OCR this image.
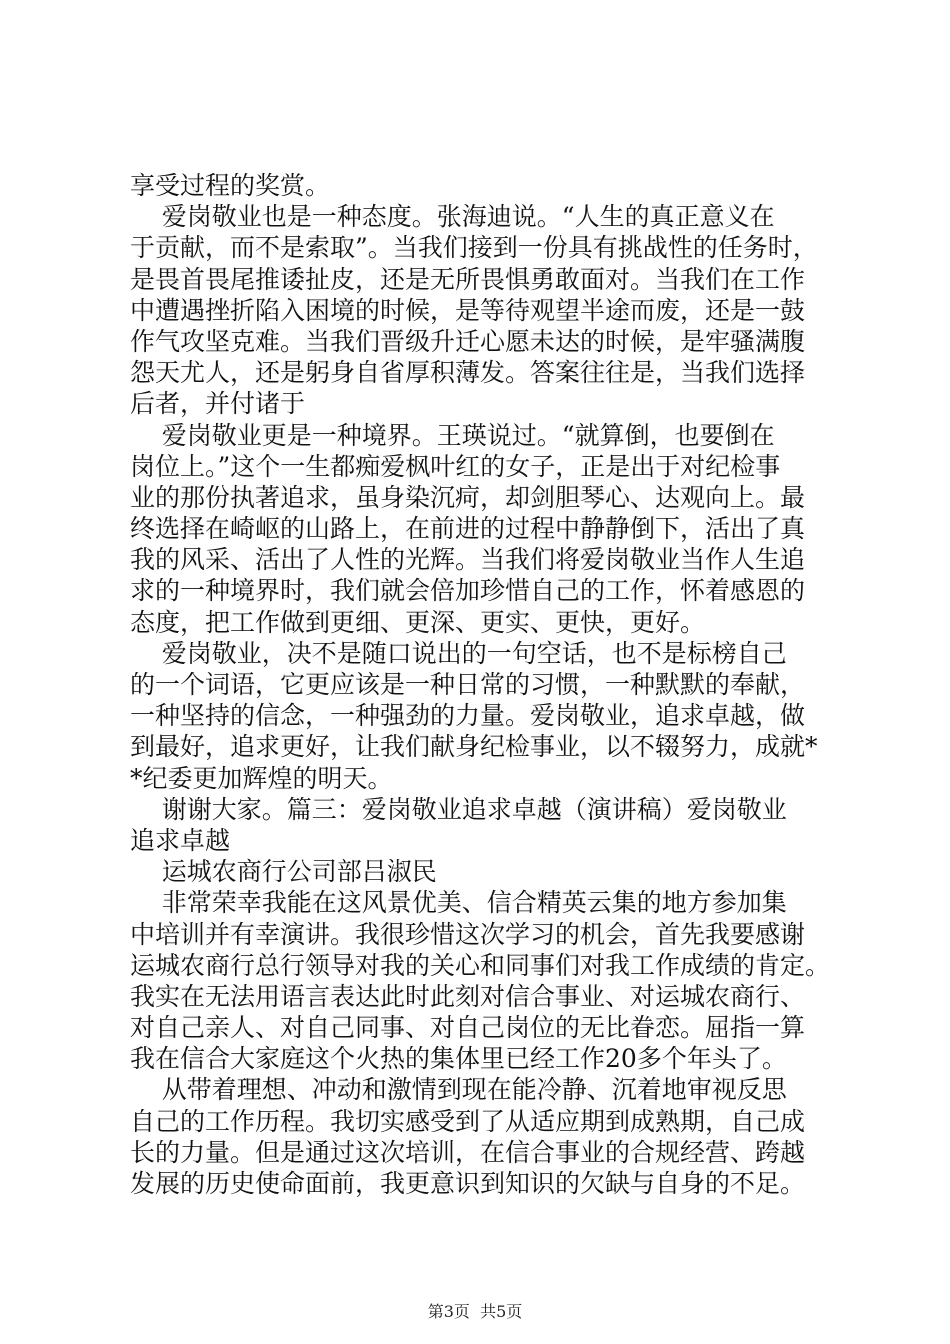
享受过程的奖赏。
爱岗敬业也是一种态度。张海迪说。“人生的真正意义在
于贡献，而不是索取”。当我们接到一份具有挑战性的任务时，
是畏首畏尾推诿扯皮，还是无所畏惧勇敢面对。当我们在工作
中遭遇挫折陷入困境的时候，是等待观望半途而废，还是一鼓
作气攻坚克难。当我们晋级升迁心愿未达的时候，是牢骚满腹
怨天尤人，还是躬身自省厚积薄发。答案往往是，当我们选择
后者，并付诸于
爱岗敬业更是一种境界。王瑛说过。“就算倒，也要倒在
岗位上。”这个一生都痴爱枫叶红的女子，正是出于对纪检事
业的那份执著追求，虽身染沉疴，却剑胆琴心、达观向上。最
终选择在崎岖的山路上，在前进的过程中静静倒下，活出了真
我的风采、活出了人性的光辉。当我们将爱岗敬业当作人生追
求的一种境界时，我们就会倍加珍惜自己的工作，怀着感恩的
态度，把工作做到更细、更深、更实、更快，更好。
爱岗敬业，决不是随口说出的一句空话，也不是标榜自己
的一个词语，它更应该是一种日常的习惯，一种默默的奉献，
一种坚持的信念，一种强劲的力量。爱岗敬业，追求卓越，做
到最好，追求更好，让我们献身纪检事业，以不辍努力，成就*
*纪委更加辉煌的明天。
谢谢大家。篇三：爱岗敬业追求卓越（演讲稿）爱岗敬业
追求卓越
运城农商行公司部吕淑民
非常荣幸我能在这风景优美、信合精英云集的地方参加集
中培训并有幸演讲。我很珍惜这次学习的机会，首先我要感谢
运城农商行总行领导对我的关心和同事们对我工作成绩的肯定。
我实在无法用语言表达此时此刻对信合事业、对运城农商行、
对自己亲人、对自己同事、对自己岗位的无比眷恋。屈指一算
我在信合大家庭这个火热的集体里已经工作20多个年头了。
从带着理想、冲动和激情到现在能冷静、沉着地审视反思
自己的工作历程。我切实感受到了从适应期到成熟期，自己成
长的力量。但是通过这次培训，在信合事业的合规经营、跨越
发展的历史使命面前，我更意识到知识的欠缺与自身的不足。
第3页  共5页
